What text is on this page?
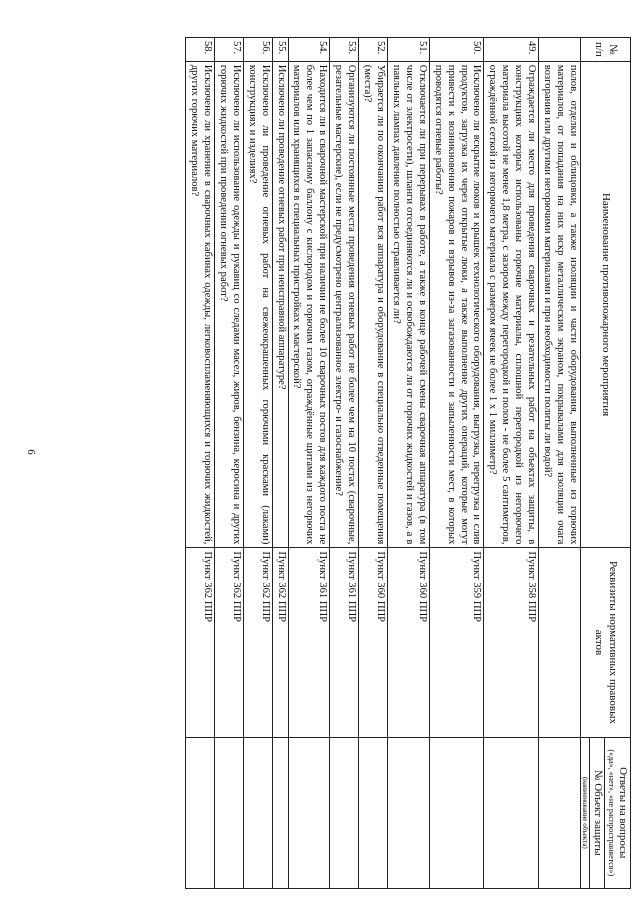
6
№ п/п	Наименование противопожарного мероприятия	Реквизиты нормативных правовых актов	Ответы на вопросы
(«да», «нет», «не распространяется»)

			№ Объект защиты

			(наименование объекта)

	полов, отделки и облицовки, а также изоляции и части оборудования, выполненные из горючих материалов, от попадания на них искр металлическим экраном, покрывалами для изоляции очага возгорания или другими негорючими материалами и при необходимости политы ли водой?		
49.	Ограждается ли место для проведения сварочных и резательных работ на объектах защиты, в конструкциях которых использованы горючие материалы, сплошной перегородкой из негорючего материала высотой не менее 1,8 метра, с зазором между перегородкой и полом - не более 5 сантиметров, ограждённой сеткой из негорючего материала с размером ячеек не более 1 х 1 миллиметр?	Пункт 358 ППР	
50.	Исключено ли вскрытие люков и крышек технологического оборудования, выгрузка, перегрузка и слив продуктов, загрузка их через открытые люки, а также выполнение других операций, которые могут привести к возникновению пожаров и взрывов из-за загазованности и запыленности мест, в которых проводятся огневые работы?	Пункт 359 ППР	
51.	Отключается ли при перерывах в работе, а также в конце рабочей смены сварочная аппаратура (в том числе от электросети), шланги отсоединяются ли и освобождаются ли от горючих жидкостей и газов, а в паяльных лампах давление полностью стравливается ли?	Пункт 360 ППР	
52.	Убирается ли по окончании работ вся аппаратура и оборудование в специально отведенные помещения (места)?	Пункт 360 ППР	
53.	Организуются ли постоянные места проведения огневых работ не более чем на 10 постах (сварочные, резательные мастерские), если не предусмотрено централизованное электро- и газоснабжение?	Пункт 361 ППР	
54.	Находится ли в сварочной мастерской при наличии не более 10 сварочных постов для каждого поста не более чем по 1 запасному баллону с кислородом и горючим газом, ограждённые щитами из негорючих материалов или хранящихся в специальных пристройках к мастерской?	Пункт 361 ППР	
55.	Исключено ли проведение огневых работ при неисправной аппаратуре?	Пункт 362 ППР	
56.	Исключено ли проведение огневых работ на свежеокрашенных горючими красками (лаками) конструкциях и изделиях?	Пункт 362 ППР	
57.	Исключено ли использование одежды и рукавиц со следами масел, жиров, бензина, керосина и других горючих жидкостей при проведении огневых работ?	Пункт 362 ППР	
58.	Исключено ли хранение в сварочных кабинах одежды, легковоспламеняющихся и горючих жидкостей, других горючих материалов?	Пункт 362 ППР	
